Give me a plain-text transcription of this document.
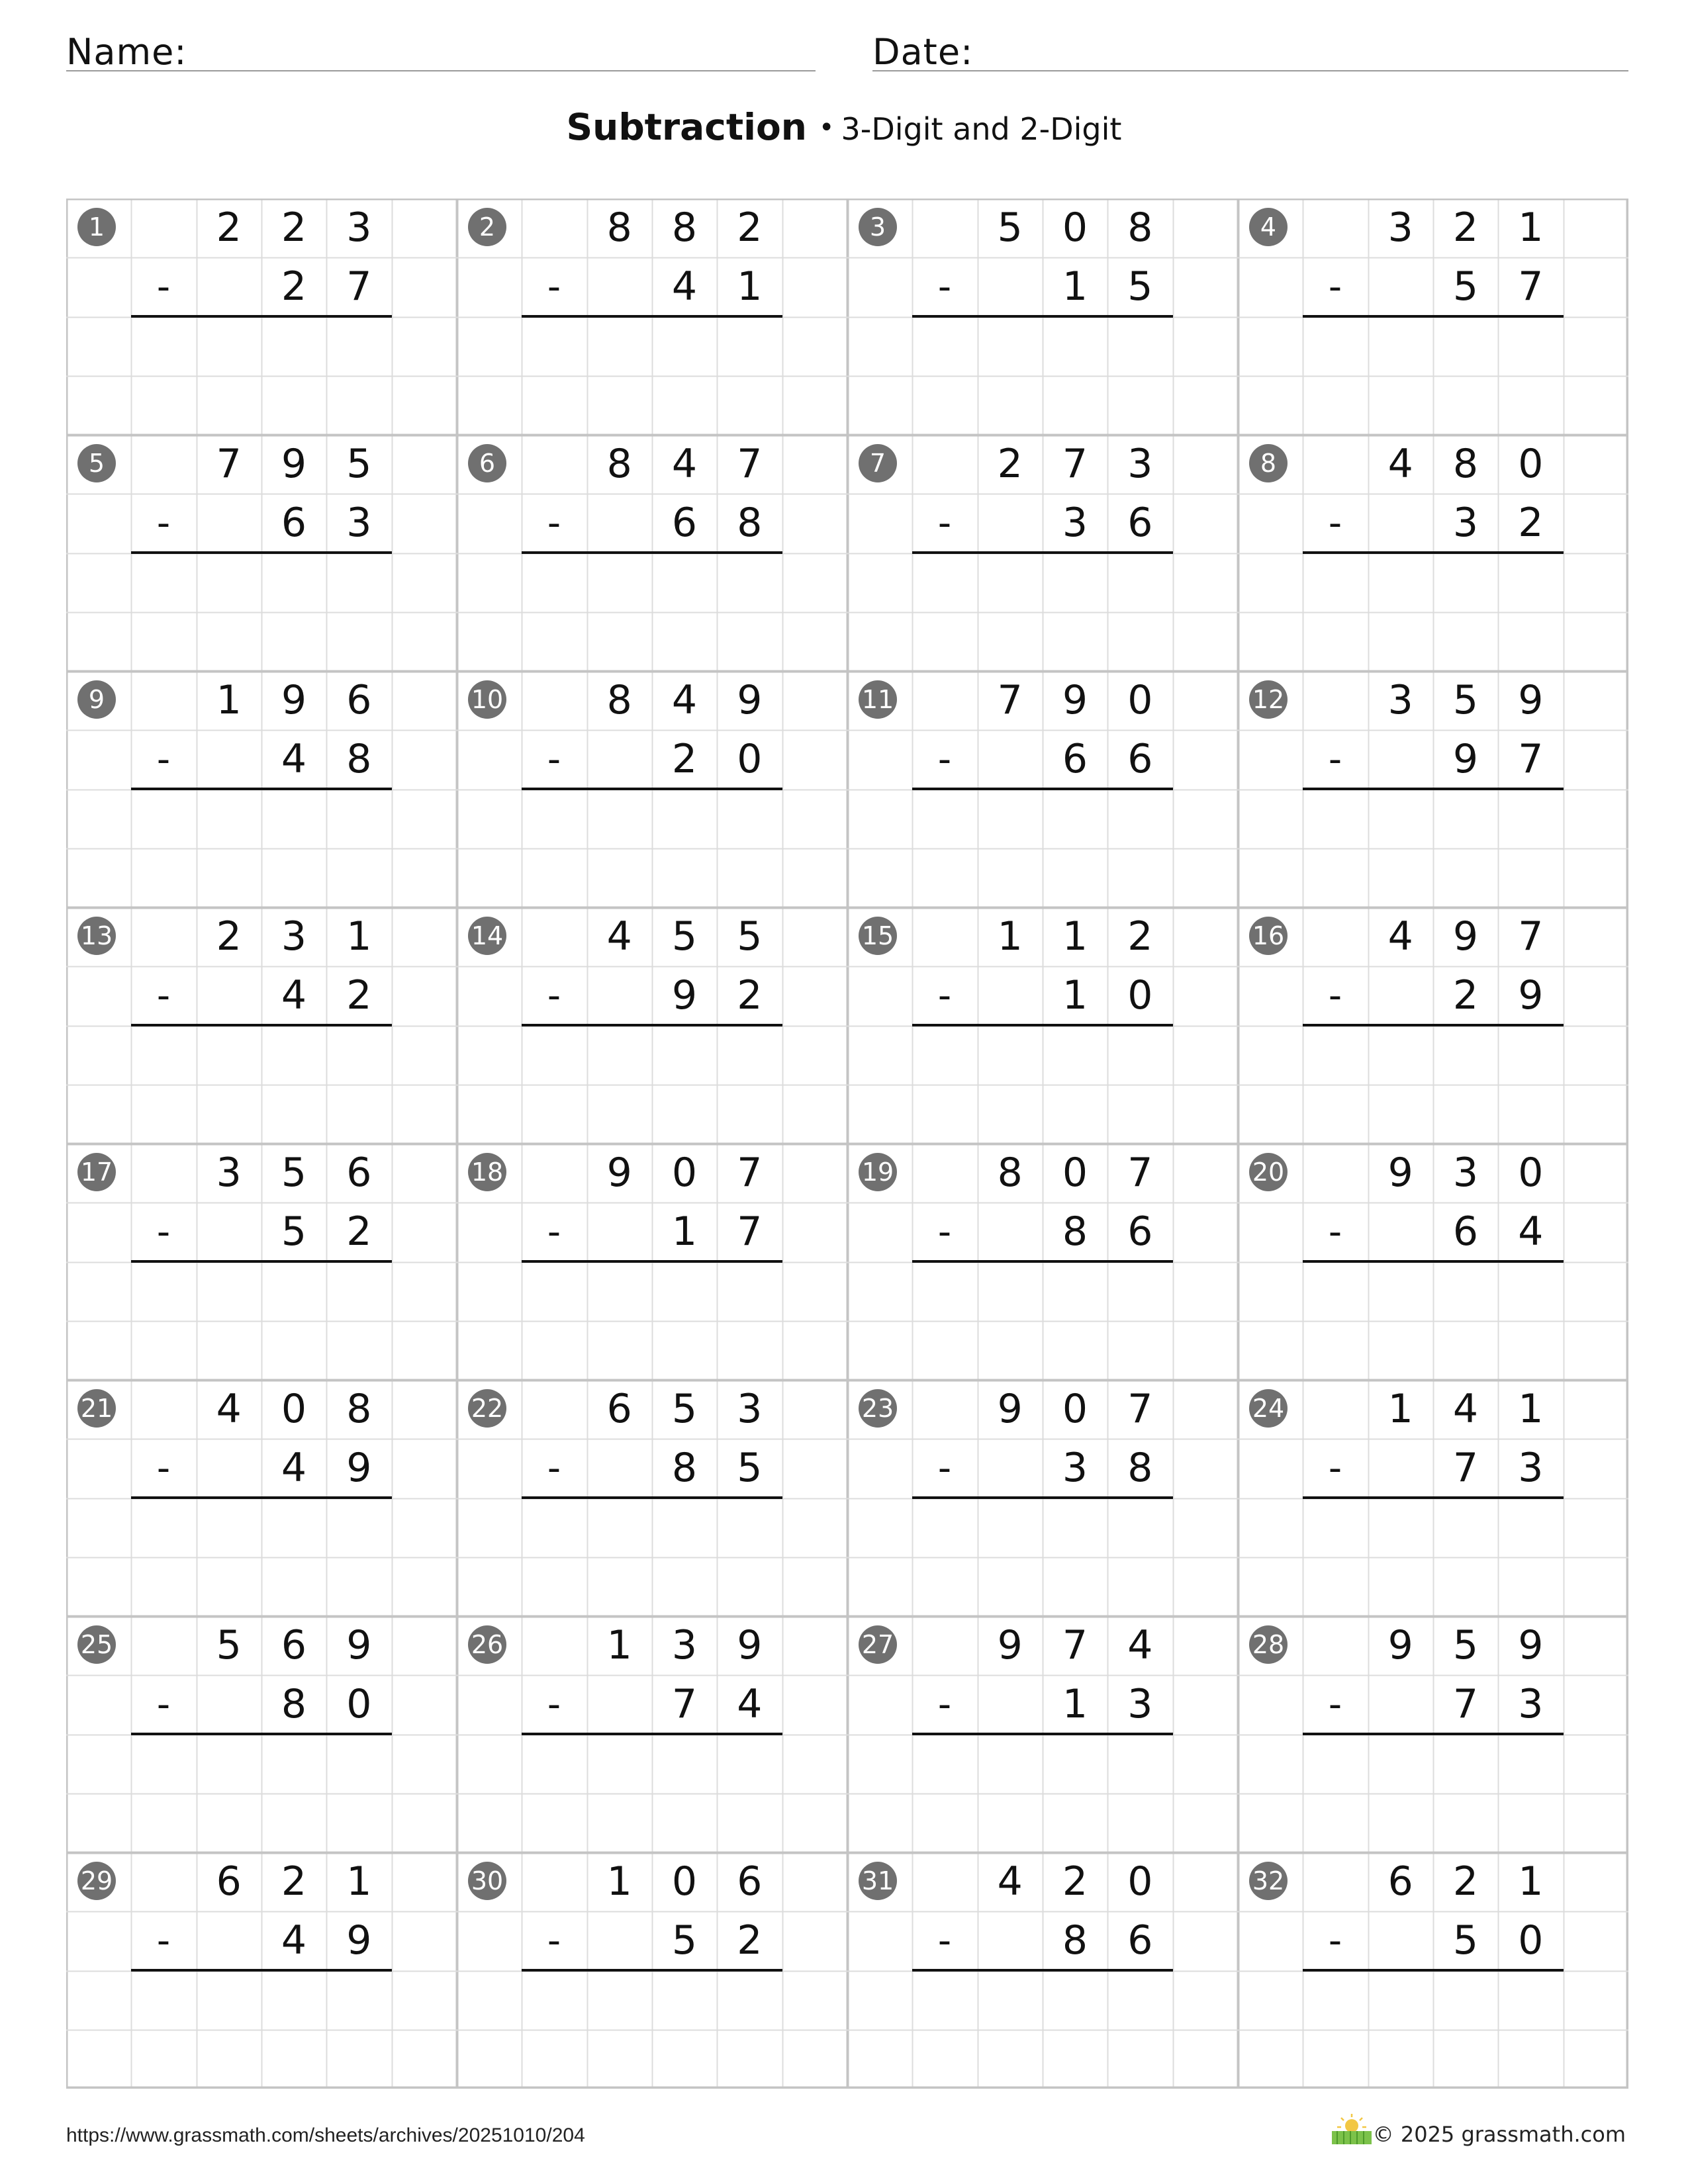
Name:	Date:
Subtraction • 3-Digit and 2-Digit
1	2	2	3
-	2	7
2	8	8	2
-	4	1
3	5	0	8
-	1	5
4	3	2	1
-	5	7
5	7	9	5
-	6	3
6	8	4	7
-	6	8
7	2	7	3
-	3	6
8	4	8	0
-	3	2
9	1	9	6
-	4	8
10	8	4	9
-	2	0
11	7	9	0
-	6	6
12	3	5	9
-	9	7
13	2	3	1
-	4	2
14	4	5	5
-	9	2
15	1	1	2
-	1	0
16	4	9	7
-	2	9
17	3	5	6
-	5	2
18	9	0	7
-	1	7
19	8	0	7
-	8	6
20	9	3	0
-	6	4
21	4	0	8
-	4	9
22	6	5	3
-	8	5
23	9	0	7
-	3	8
24	1	4	1
-	7	3
25	5	6	9
-	8	0
26	1	3	9
-	7	4
27	9	7	4
-	1	3
28	9	5	9
-	7	3
29	6	2	1
-	4	9
30	1	0	6
-	5	2
31	4	2	0
-	8	6
32	6	2	1
-	5	0
https://www.grassmath.com/sheets/archives/20251010/204	© 2025 grassmath.com
